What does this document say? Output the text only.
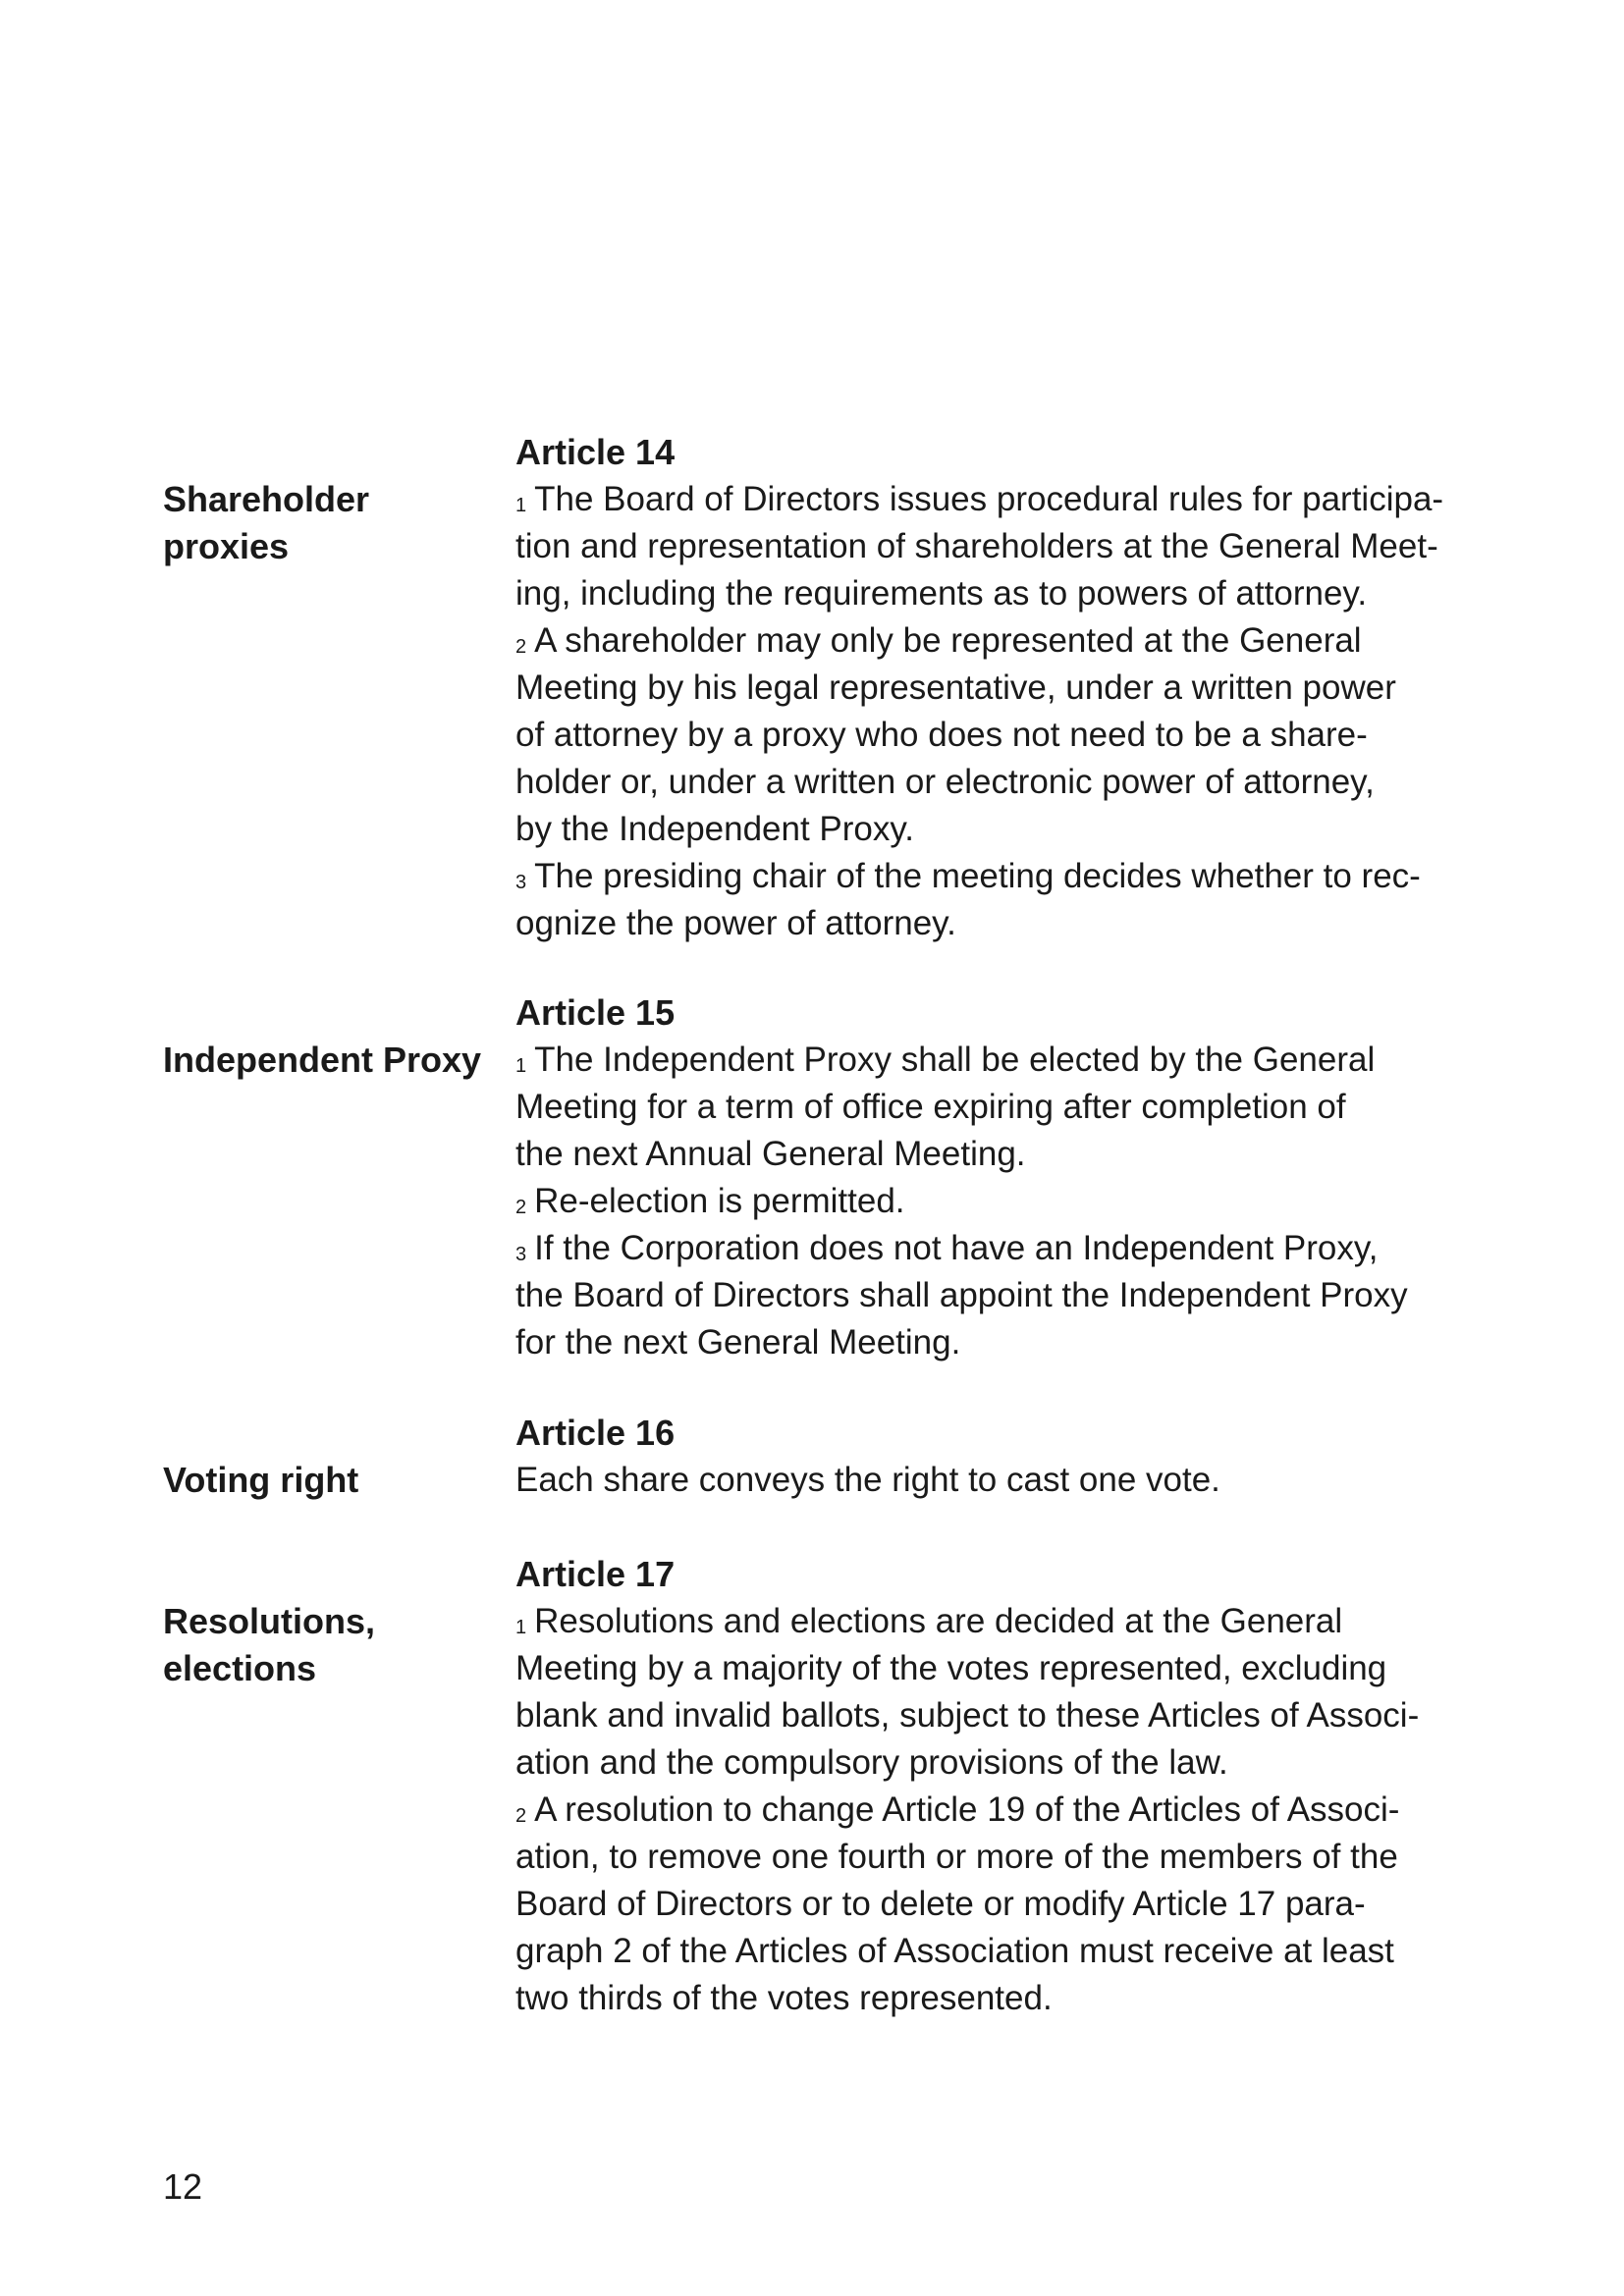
Shareholder
proxies
Article 14
$^1$ The Board of Directors issues procedural rules for participa-
tion and representation of shareholders at the General Meet-
ing, including the requirements as to powers of attorney.
$^2$ A shareholder may only be represented at the General
Meeting by his legal representative, under a written power
of attorney by a proxy who does not need to be a share-
holder or, under a written or electronic power of attorney,
by the Independent Proxy.
$^3$ The presiding chair of the meeting decides whether to rec-
ognize the power of attorney.
Independent Proxy
Article 15
$^1$ The Independent Proxy shall be elected by the General
Meeting for a term of office expiring after completion of
the next Annual General Meeting.
$^2$ Re-election is permitted.
$^3$ If the Corporation does not have an Independent Proxy,
the Board of Directors shall appoint the Independent Proxy
for the next General Meeting.
Voting right
Article 16
Each share conveys the right to cast one vote.
Resolutions,
elections
Article 17
$^1$ Resolutions and elections are decided at the General
Meeting by a majority of the votes represented, excluding
blank and invalid ballots, subject to these Articles of Associ-
ation and the compulsory provisions of the law.
$^2$ A resolution to change Article 19 of the Articles of Associ-
ation, to remove one fourth or more of the members of the
Board of Directors or to delete or modify Article 17 para-
graph 2 of the Articles of Association must receive at least
two thirds of the votes represented.
12
